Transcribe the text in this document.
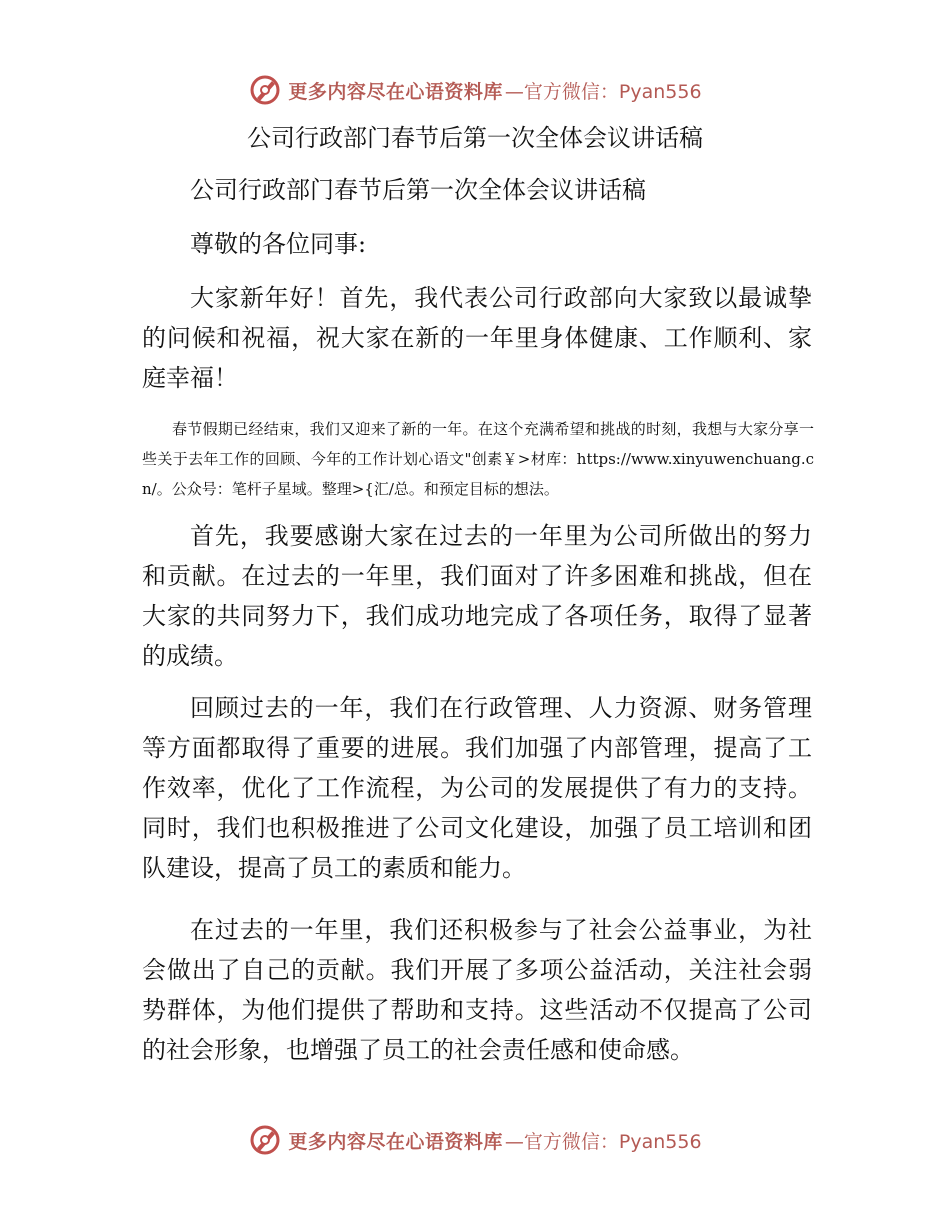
更多内容尽在心语资料库 —官方微信：Pyan556
公司行政部门春节后第一次全体会议讲话稿
公司行政部门春节后第一次全体会议讲话稿
尊敬的各位同事:
大家新年好！首先，我代表公司行政部向大家致以最诚挚的问候和祝福，祝大家在新的一年里身体健康、工作顺利、家庭幸福！
春节假期已经结束，我们又迎来了新的一年。在这个充满希望和挑战的时刻，我想与大家分享一些关于去年工作的回顾、今年的工作计划心语文"创素￥>材库：https://www.xinyuwenchuang.cn/。公众号：笔杆子星域。整理>{汇/总。和预定目标的想法。
首先，我要感谢大家在过去的一年里为公司所做出的努力和贡献。在过去的一年里，我们面对了许多困难和挑战，但在大家的共同努力下，我们成功地完成了各项任务，取得了显著的成绩。
回顾过去的一年，我们在行政管理、人力资源、财务管理等方面都取得了重要的进展。我们加强了内部管理，提高了工作效率，优化了工作流程，为公司的发展提供了有力的支持。同时，我们也积极推进了公司文化建设，加强了员工培训和团队建设，提高了员工的素质和能力。
在过去的一年里，我们还积极参与了社会公益事业，为社会做出了自己的贡献。我们开展了多项公益活动，关注社会弱势群体，为他们提供了帮助和支持。这些活动不仅提高了公司的社会形象，也增强了员工的社会责任感和使命感。
更多内容尽在心语资料库 —官方微信：Pyan556
